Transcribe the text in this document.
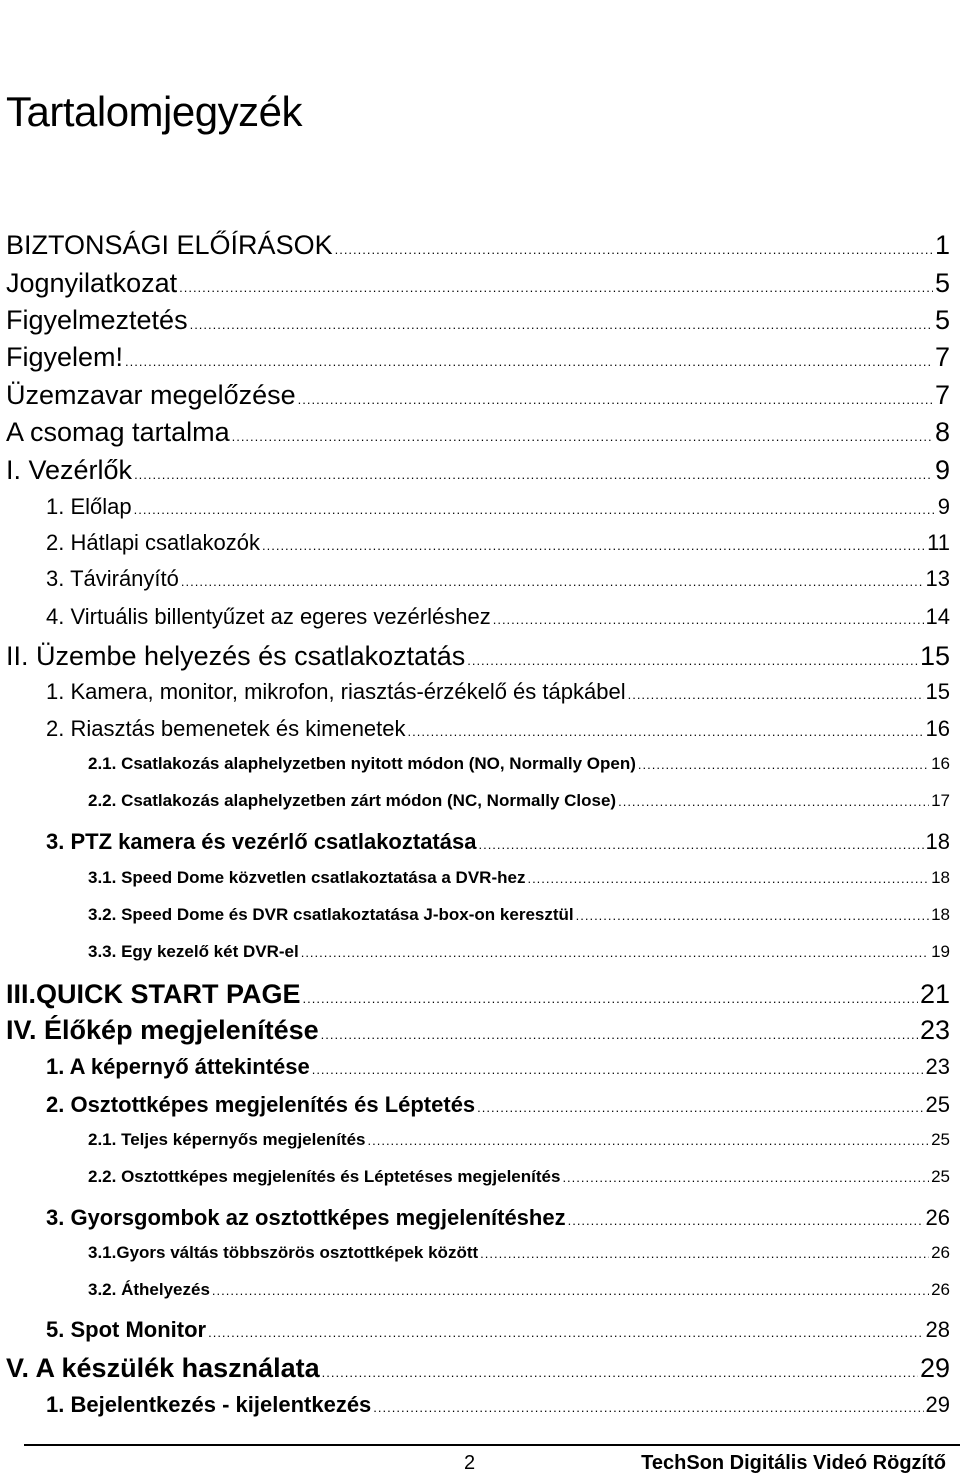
Tartalomjegyzék
BIZTONSÁGI ELŐÍRÁSOK .....	1
Jognyilatkozat .....	5
Figyelmeztetés .....	5
Figyelem! .....	7
Üzemzavar megelőzése .....	7
A csomag tartalma .....	8
I. Vezérlők .....	9
1. Előlap .....	9
2. Hátlapi csatlakozók .....	11
3. Távirányító .....	13
4. Virtuális billentyűzet az egeres vezérléshez .....	14
II. Üzembe helyezés és csatlakoztatás .....	15
1. Kamera, monitor, mikrofon, riasztás-érzékelő és tápkábel .....	15
2. Riasztás bemenetek és kimenetek .....	16
2.1. Csatlakozás alaphelyzetben nyitott módon (NO, Normally Open) .....	16
2.2. Csatlakozás alaphelyzetben zárt módon (NC, Normally Close) .....	17
3. PTZ kamera és vezérlő csatlakoztatása .....	18
3.1. Speed Dome közvetlen csatlakoztatása a DVR-hez .....	18
3.2. Speed Dome és DVR csatlakoztatása J-box-on keresztül .....	18
3.3. Egy kezelő két DVR-el .....	19
III.QUICK START PAGE .....	21
IV. Élőkép megjelenítése .....	23
1. A képernyő áttekintése .....	23
2. Osztottképes megjelenítés és Léptetés .....	25
2.1. Teljes képernyős megjelenítés .....	25
2.2. Osztottképes megjelenítés és Léptetéses megjelenítés .....	25
3. Gyorsgombok az osztottképes megjelenítéshez .....	26
3.1.Gyors váltás többszörös osztottképek között .....	26
3.2. Áthelyezés .....	26
5. Spot Monitor .....	28
V. A készülék használata .....	29
1. Bejelentkezés - kijelentkezés .....	29
2	TechSon Digitális Videó Rögzítő
